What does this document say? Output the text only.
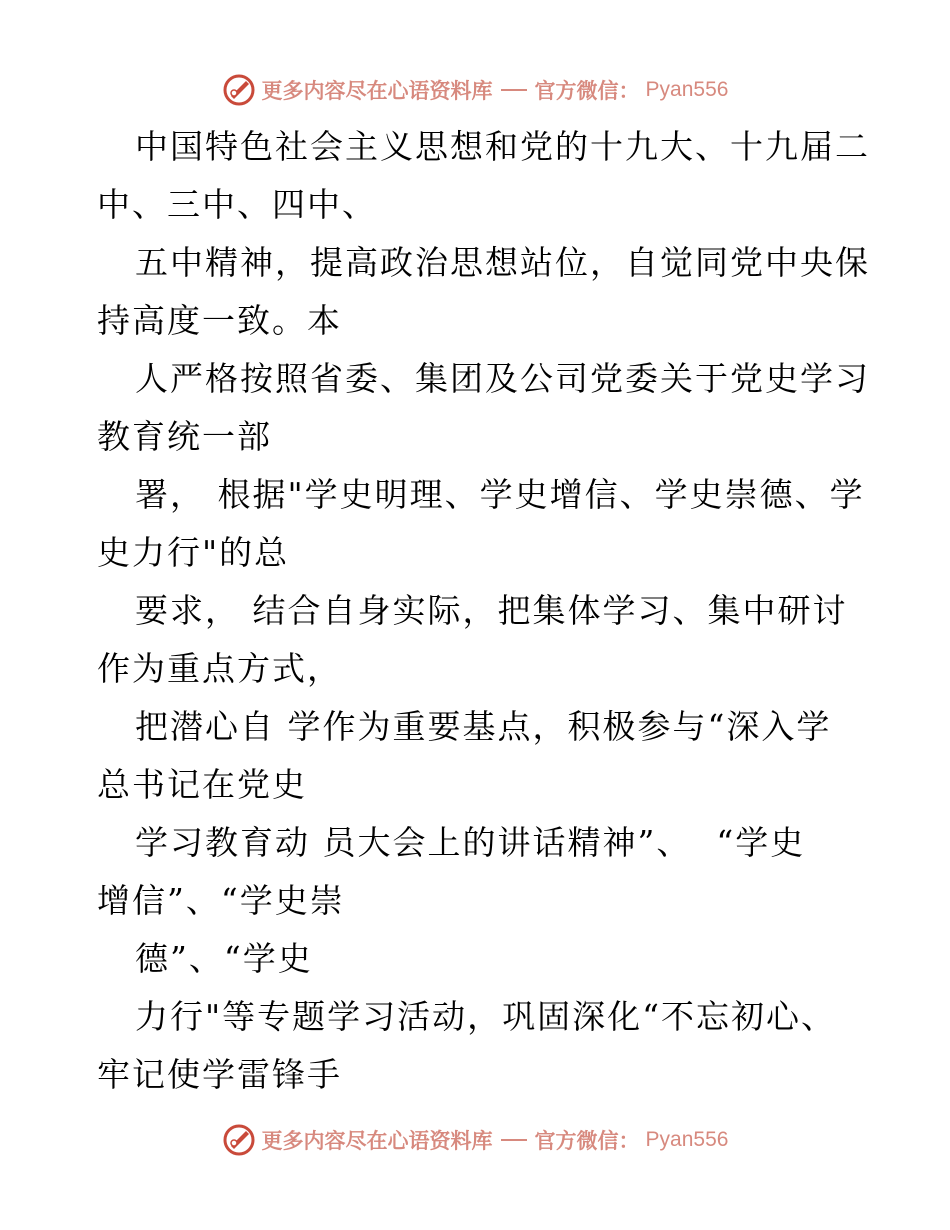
更多内容尽在心语资料库 官方微信： Pyan556
中国特色社会主义思想和党的十九大、十九届二
中、三中、四中、
五中精神，提高政治思想站位，自觉同党中央保
持高度一致。本
人严格按照省委、集团及公司党委关于党史学习
教育统一部
署， 根据"学史明理、学史增信、学史崇德、学
史力行"的总
要求， 结合自身实际，把集体学习、集中研讨
作为重点方式，
把潜心自 学作为重要基点，积极参与“深入学
总书记在党史
学习教育动 员大会上的讲话精神”、  “学史
增信”、“学史崇
德”、“学史
力行"等专题学习活动，巩固深化“不忘初心、
牢记使学雷锋手
更多内容尽在心语资料库 官方微信： Pyan556
